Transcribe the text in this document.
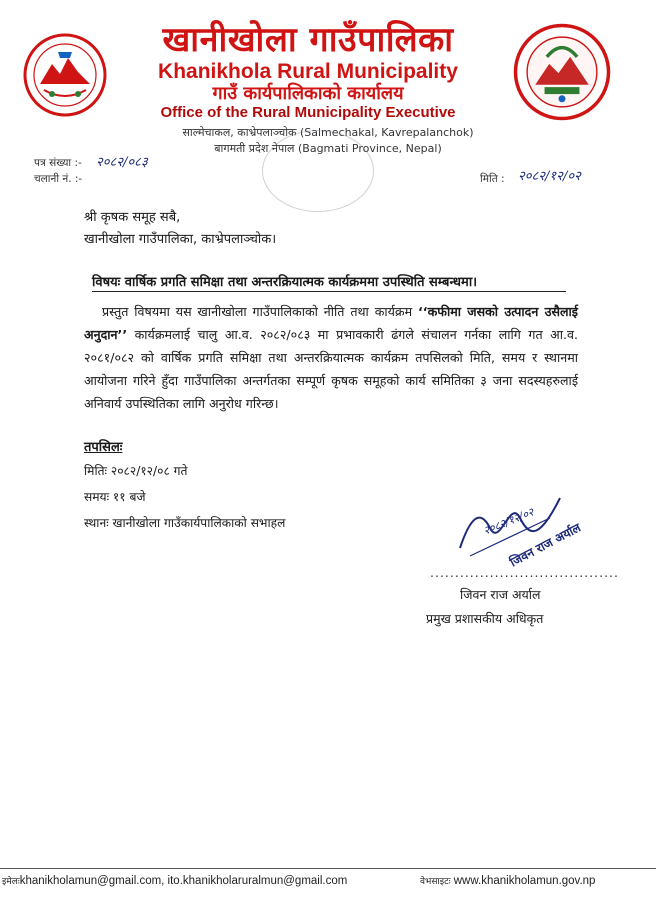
खानीखोला गाउँपालिका
Khanikhola Rural Municipality
गाउँ कार्यपालिकाको कार्यालय
Office of the Rural Municipality Executive
साल्मेचाकल, काभ्रेपलाञ्चोक (Salmechakal, Kavrepalanchok)
बागमती प्रदेश नेपाल (Bagmati Province, Nepal)
पत्र संख्या :- २०८२/०८३
चलानी नं. :-	मिति : २०८२/१२/०२
श्री कृषक समूह सबै,
खानीखोला गाउँपालिका, काभ्रेपलाञ्चोक।
विषयः वार्षिक प्रगति समिक्षा तथा अन्तरक्रियात्मक कार्यक्रममा उपस्थिति सम्बन्धमा।
प्रस्तुत विषयमा यस खानीखोला गाउँपालिकाको नीति तथा कार्यक्रम ‘‘कफीमा जसको उत्पादन उसैलाई अनुदान’’ कार्यक्रमलाई चालु आ.व. २०८२/०८३ मा प्रभावकारी ढंगले संचालन गर्नका लागि गत आ.व. २०८१/०८२ को वार्षिक प्रगति समिक्षा तथा अन्तरक्रियात्मक कार्यक्रम तपसिलको मिति, समय र स्थानमा आयोजना गरिने हुँदा गाउँपालिका अन्तर्गतका सम्पूर्ण कृषक समूहको कार्य समितिका ३ जना सदस्यहरुलाई अनिवार्य उपस्थितिका लागि अनुरोध गरिन्छ।
तपसिलः
मितिः २०८२/१२/०८ गते
समयः ११ बजे
स्थानः खानीखोला गाउँकार्यपालिकाको सभाहल	२०८२/१२/०२
जिवन राज अर्याल
......................................
जिवन राज अर्याल
प्रमुख प्रशासकीय अधिकृत
इमेलःkhanikholamun@gmail.com, ito.khanikholaruralmun@gmail.com	वेभसाइटः www.khanikholamun.gov.np
